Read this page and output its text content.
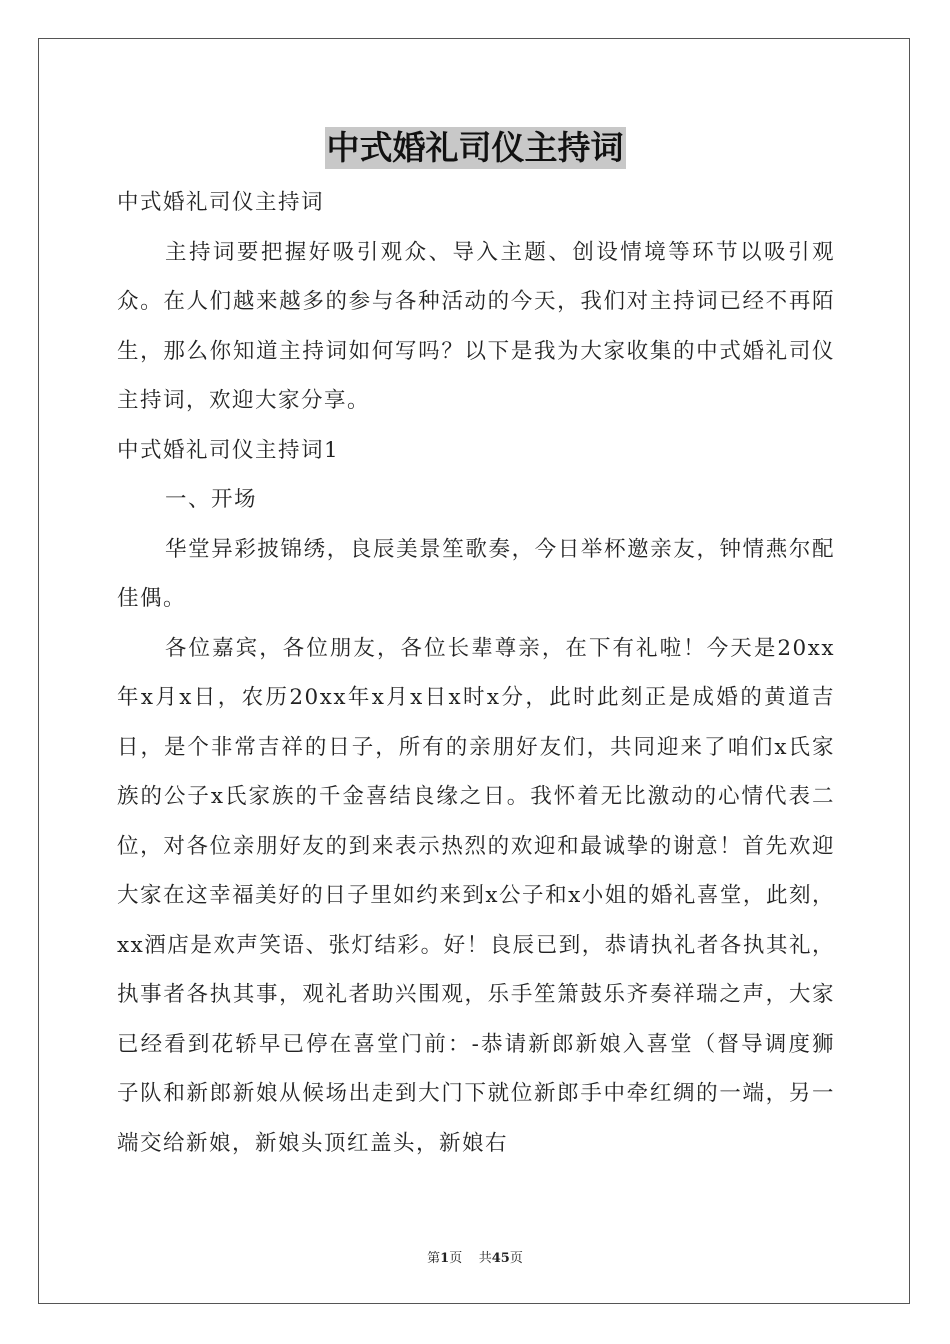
中式婚礼司仪主持词

中式婚礼司仪主持词

主持词要把握好吸引观众、导入主题、创设情境等环节以吸引观众。在人们越来越多的参与各种活动的今天，我们对主持词已经不再陌生，那么你知道主持词如何写吗？以下是我为大家收集的中式婚礼司仪主持词，欢迎大家分享。

中式婚礼司仪主持词1

一、开场

华堂异彩披锦绣，良辰美景笙歌奏，今日举杯邀亲友，钟情燕尔配佳偶。

各位嘉宾，各位朋友，各位长辈尊亲，在下有礼啦！今天是20xx年x月x日，农历20xx年x月x日x时x分，此时此刻正是成婚的黄道吉日，是个非常吉祥的日子，所有的亲朋好友们，共同迎来了咱们x氏家族的公子x氏家族的千金喜结良缘之日。我怀着无比激动的心情代表二位，对各位亲朋好友的到来表示热烈的欢迎和最诚挚的谢意！首先欢迎大家在这幸福美好的日子里如约来到x公子和x小姐的婚礼喜堂，此刻，xx酒店是欢声笑语、张灯结彩。好！良辰已到，恭请执礼者各执其礼，执事者各执其事，观礼者助兴围观，乐手笙箫鼓乐齐奏祥瑞之声，大家已经看到花轿早已停在喜堂门前：-恭请新郎新娘入喜堂（督导调度狮子队和新郎新娘从候场出走到大门下就位新郎手中牵红绸的一端，另一端交给新娘，新娘头顶红盖头，新娘右

第1页 共45页
